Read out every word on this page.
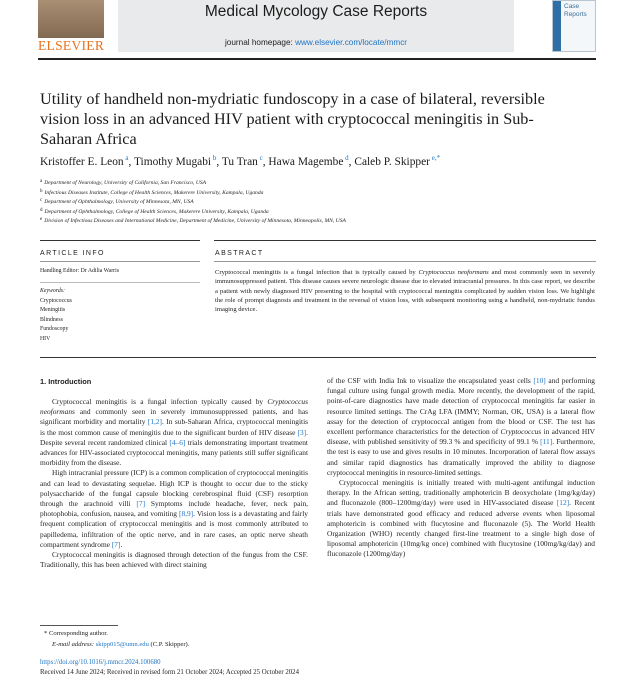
ELSEVIER
Medical Mycology Case Reports
journal homepage: www.elsevier.com/locate/mmcr
Case Reports
Utility of handheld non-mydriatic fundoscopy in a case of bilateral, reversible vision loss in an advanced HIV patient with cryptococcal meningitis in Sub-Saharan Africa
Kristoffer E. Leon $^a$, Timothy Mugabi $^b$, Tu Tran $^c$, Hawa Magembe $^d$, Caleb P. Skipper $^{e,*}$
a Department of Neurology, University of California, San Francisco, USA
b Infectious Diseases Institute, College of Health Sciences, Makerere University, Kampala, Uganda
c Department of Ophthalmology, University of Minnesota, MN, USA
d Department of Ophthalmology, College of Health Sciences, Makerere University, Kampala, Uganda
e Division of Infectious Diseases and International Medicine, Department of Medicine, University of Minnesota, Minneapolis, MN, USA
ARTICLE INFO	ABSTRACT
Handling Editor: Dr Adilia Warris
Keywords:
Cryptococcus
Meningitis
Blindness
Fundoscopy
HIV
Cryptococcal meningitis is a fungal infection that is typically caused by Cryptococcus neoformans and most commonly seen in severely immunosuppressed patient. This disease causes severe neurologic disease due to elevated intracranial pressures. In this case report, we describe a patient with newly diagnosed HIV presenting to the hospital with cryptococcal meningitis complicated by sudden vision loss. We highlight the role of prompt diagnosis and treatment in the reversal of vision loss, with subsequent monitoring using a handheld, non-mydriatic fundus imaging device.
1. Introduction

Cryptococcal meningitis is a fungal infection typically caused by Cryptococcus neoformans and commonly seen in severely immunosuppressed patients, and has significant morbidity and mortality [1,2]. In sub-Saharan Africa, cryptococcal meningitis is the most common cause of meningitis due to the significant burden of HIV disease [3]. Despite several recent randomized clinical [4–6] trials demonstrating important treatment advances for HIV-associated cryptococcal meningitis, many patients still suffer significant morbidity from the disease.

High intracranial pressure (ICP) is a common complication of cryptococcal meningitis and can lead to devastating sequelae. High ICP is thought to occur due to the sticky polysaccharide of the fungal capsule blocking cerebrospinal fluid (CSF) resorption through the arachnoid villi [7] Symptoms include headache, fever, neck pain, photophobia, confusion, nausea, and vomiting [8,9]. Vision loss is a devastating and fairly frequent complication of cryptococcal meningitis and is most commonly attributed to papilledema, infiltration of the optic nerve, and in rare cases, an optic nerve sheath compartment syndrome [7].

Cryptococcal meningitis is diagnosed through detection of the fungus from the CSF. Traditionally, this has been achieved with direct staining

of the CSF with India Ink to visualize the encapsulated yeast cells [10] and performing fungal culture using fungal growth media. More recently, the development of the rapid, point-of-care diagnostics have made detection of cryptococcal meningitis far easier in resource limited settings. The CrAg LFA (IMMY; Norman, OK, USA) is a lateral flow assay for the detection of cryptococcal antigen from the blood or CSF. The test has excellent performance characteristics for the detection of Cryptococcus in advanced HIV disease, with published sensitivity of 99.3 % and specificity of 99.1 % [11]. Furthermore, the test is easy to use and gives results in 10 minutes. Incorporation of lateral flow assays and similar rapid diagnostics has dramatically improved the ability to diagnose cryptococcal meningitis in resource-limited settings.

Cryptococcal meningitis is initially treated with multi-agent antifungal induction therapy. In the African setting, traditionally amphotericin B deoxycholate (1mg/kg/day) and fluconazole (800–1200mg/day) were used in HIV-associated disease [12]. Recent trials have demonstrated good efficacy and reduced adverse events when liposomal amphotericin is combined with flucytosine and fluconazole (5). The World Health Organization (WHO) recently changed first-line treatment to a single high dose of liposomal amphotericin (10mg/kg once) combined with flucytosine (100mg/kg/day) and fluconazole (1200mg/day)

* Corresponding author.
E-mail address: skipp015@umn.edu (C.P. Skipper).
https://doi.org/10.1016/j.mmcr.2024.100680
Received 14 June 2024; Received in revised form 21 October 2024; Accepted 25 October 2024
